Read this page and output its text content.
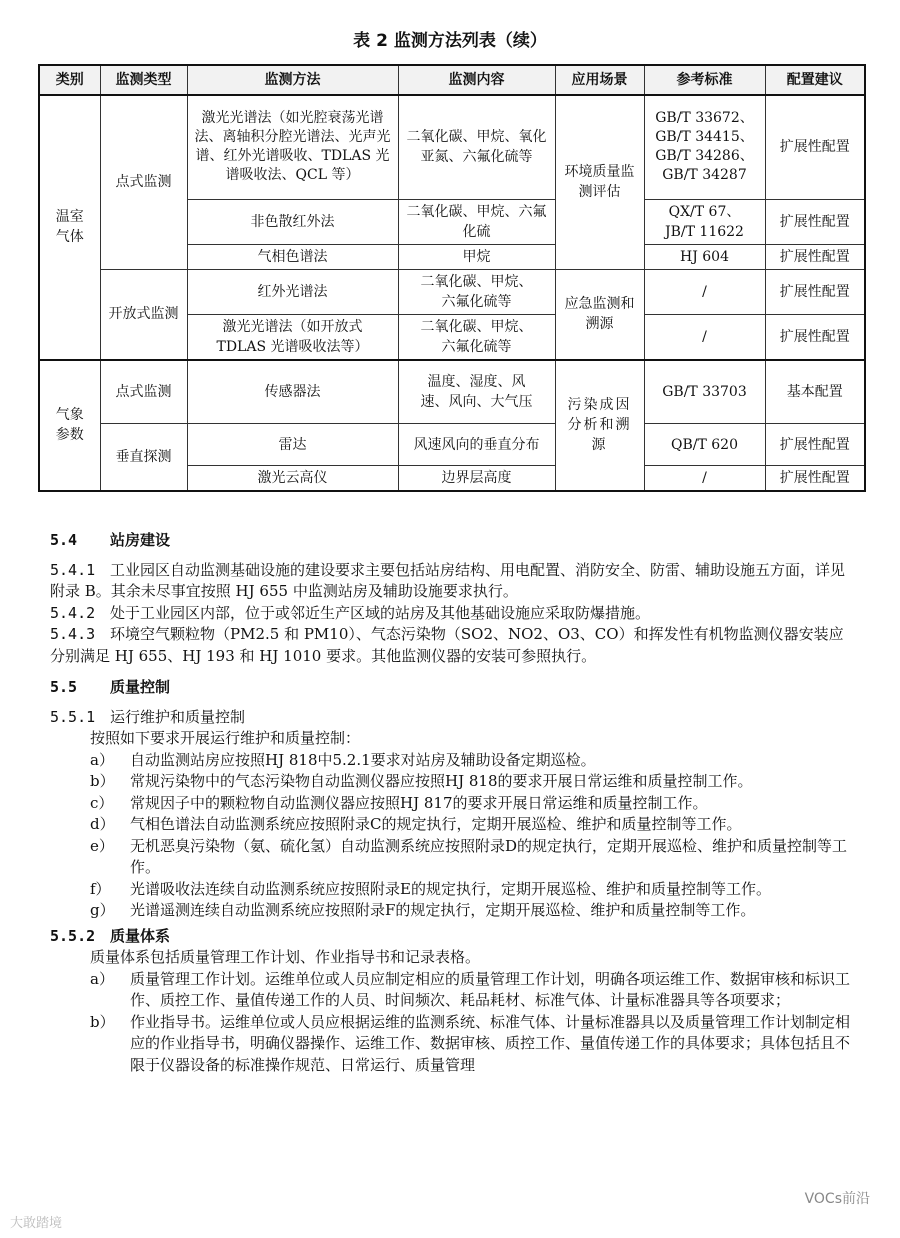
表 2 监测方法列表（续）
类别	监测类型	监测方法	监测内容	应用场景	参考标准	配置建议

温室气体	点式监测	激光光谱法（如光腔衰荡光谱法、离轴积分腔光谱法、光声光谱、红外光谱吸收、TDLAS 光谱吸收法、QCL 等）	二氧化碳、甲烷、氧化亚氮、六氟化硫等	环境质量监测评估	GB/T 33672、
GB/T 34415、
GB/T 34286、
GB/T 34287	扩展性配置
		非色散红外法	二氧化碳、甲烷、六氟化硫		QX/T 67、
JB/T 11622	扩展性配置
		气相色谱法	甲烷		HJ 604	扩展性配置

	开放式监测	红外光谱法	二氧化碳、甲烷、六氟化硫等	应急监测和溯源	/	扩展性配置

		激光光谱法（如开放式TDLAS 光谱吸收法等）	二氧化碳、甲烷、六氟化硫等		/	扩展性配置

气象参数	点式监测	传感器法	温度、湿度、风速、风向、大气压	污染成因分析和溯源	GB/T 33703	基本配置
	垂直探测	雷达	风速风向的垂直分布		QB/T 620	扩展性配置
		激光云高仪	边界层高度		/	扩展性配置
5.4 站房建设

5.4.1 工业园区自动监测基础设施的建设要求主要包括站房结构、用电配置、消防安全、防雷、辅助设施五方面，详见附录 B。其余未尽事宜按照 HJ 655 中监测站房及辅助设施要求执行。

5.4.2 处于工业园区内部，位于或邻近生产区域的站房及其他基础设施应采取防爆措施。

5.4.3 环境空气颗粒物（PM2.5 和 PM10）、气态污染物（SO2、NO2、O3、CO）和挥发性有机物监测仪器安装应分别满足 HJ 655、HJ 193 和 HJ 1010 要求。其他监测仪器的安装可参照执行。

5.5 质量控制
5.5.1 运行维护和质量控制

按照如下要求开展运行维护和质量控制：

a）	自动监测站房应按照HJ 818中5.2.1要求对站房及辅助设备定期巡检。
b）	常规污染物中的气态污染物自动监测仪器应按照HJ 818的要求开展日常运维和质量控制工作。
c）	常规因子中的颗粒物自动监测仪器应按照HJ 817的要求开展日常运维和质量控制工作。
d）	气相色谱法自动监测系统应按照附录C的规定执行，定期开展巡检、维护和质量控制等工作。
e）	无机恶臭污染物（氨、硫化氢）自动监测系统应按照附录D的规定执行，定期开展巡检、维护和质量控制等工作。
f）	光谱吸收法连续自动监测系统应按照附录E的规定执行，定期开展巡检、维护和质量控制等工作。
g）	光谱遥测连续自动监测系统应按照附录F的规定执行，定期开展巡检、维护和质量控制等工作。
5.5.2 质量体系

质量体系包括质量管理工作计划、作业指导书和记录表格。

a）	质量管理工作计划。运维单位或人员应制定相应的质量管理工作计划，明确各项运维工作、数据审核和标识工作、质控工作、量值传递工作的人员、时间频次、耗品耗材、标准气体、计量标准器具等各项要求；
b）	作业指导书。运维单位或人员应根据运维的监测系统、标准气体、计量标准器具以及质量管理工作计划制定相应的作业指导书，明确仪器操作、运维工作、数据审核、质控工作、量值传递工作的具体要求；具体包括且不限于仪器设备的标准操作规范、日常运行、质量管理
大敢踏境
VOCs前沿
